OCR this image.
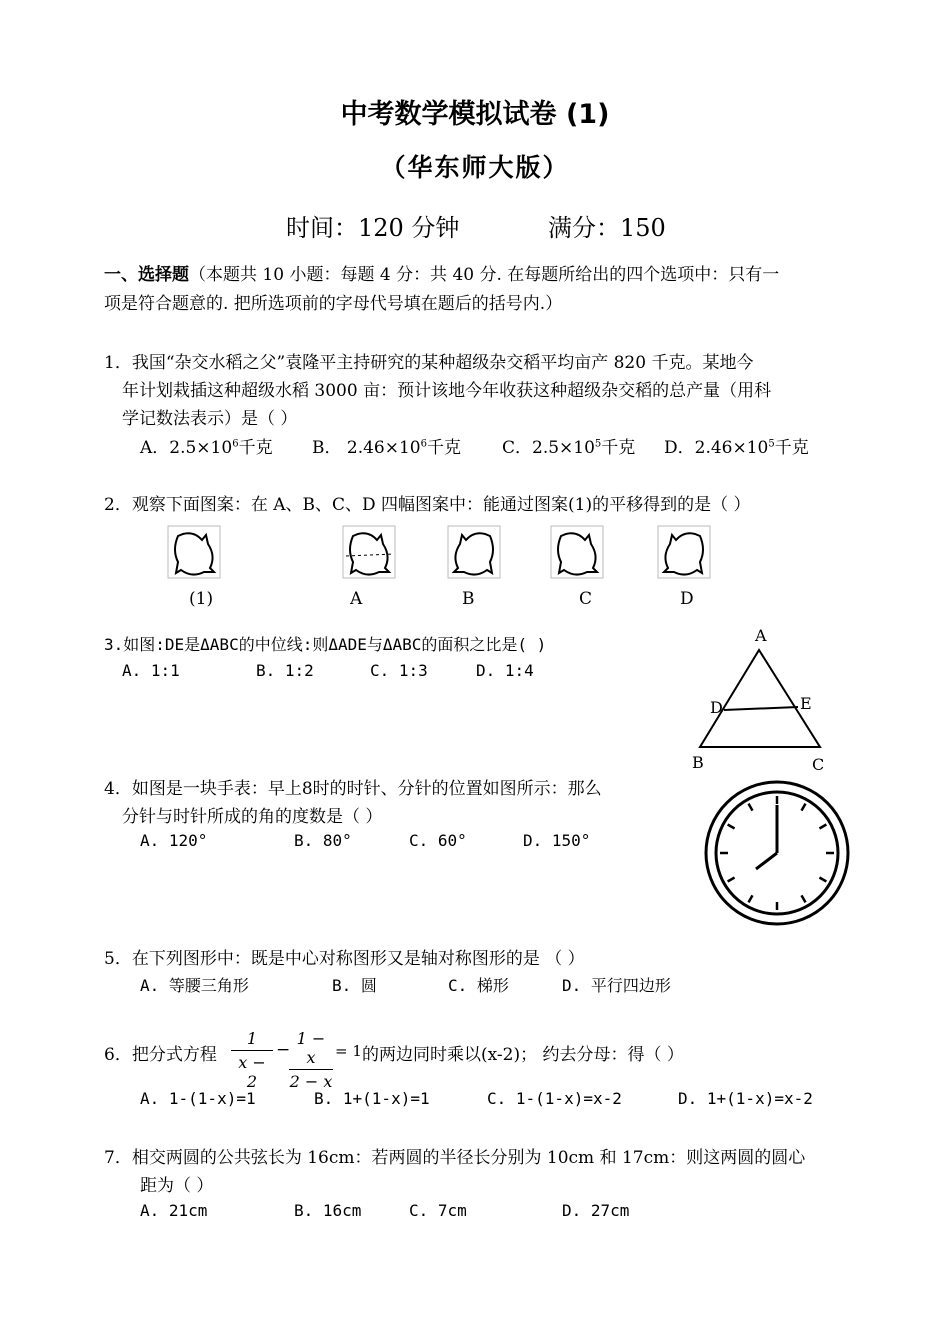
中考数学模拟试卷 (1)
（华东师大版）
时间：120 分钟	满分：150
一、选择题（本题共 10 小题：每题 4 分：共 40 分. 在每题所给出的四个选项中：只有一
项是符合题意的. 把所选项前的字母代号填在题后的括号内.）
1．我国“杂交水稻之父”袁隆平主持研究的某种超级杂交稻平均亩产 820 千克。某地今
年计划栽插这种超级水稻 3000 亩：预计该地今年收获这种超级杂交稻的总产量（用科
学记数法表示）是（ ）
A．$2.5\times 10^6$千克 B． $2.46\times 10^6$千克 C．$2.5\times 10^5$千克 D．$2.46\times 10^5$千克
2．观察下面图案：在 A、B、C、D 四幅图案中：能通过图案(1)的平移得到的是（ ）
(1)	A	B	C	D
3.如图:DE是ΔABC的中位线:则ΔADE与ΔABC的面积之比是( )
A. 1:1	B. 1:2	C. 1:3	D. 1:4
A
D	E
B	C
4．如图是一块手表：早上8时的时针、分针的位置如图所示：那么
分针与时针所成的角的度数是（ ）
A. 120°	B. 80°	C. 60°	D. 150°
5．在下列图形中：既是中心对称图形又是轴对称图形的是 （ ）
A. 等腰三角形	B. 圆	C. 梯形	D. 平行四边形
6．把分式方程
1
x − 2
−
1 − x
2 − x
= 1 的两边同时乘以(x-2)； 约去分母：得（ ）
A. 1-(1-x)=1	B. 1+(1-x)=1	C. 1-(1-x)=x-2	D. 1+(1-x)=x-2
7．相交两圆的公共弦长为 16cm：若两圆的半径长分别为 10cm 和 17cm：则这两圆的圆心
距为（ ）
A. 21cm	B. 16cm	C. 7cm	D. 27cm
